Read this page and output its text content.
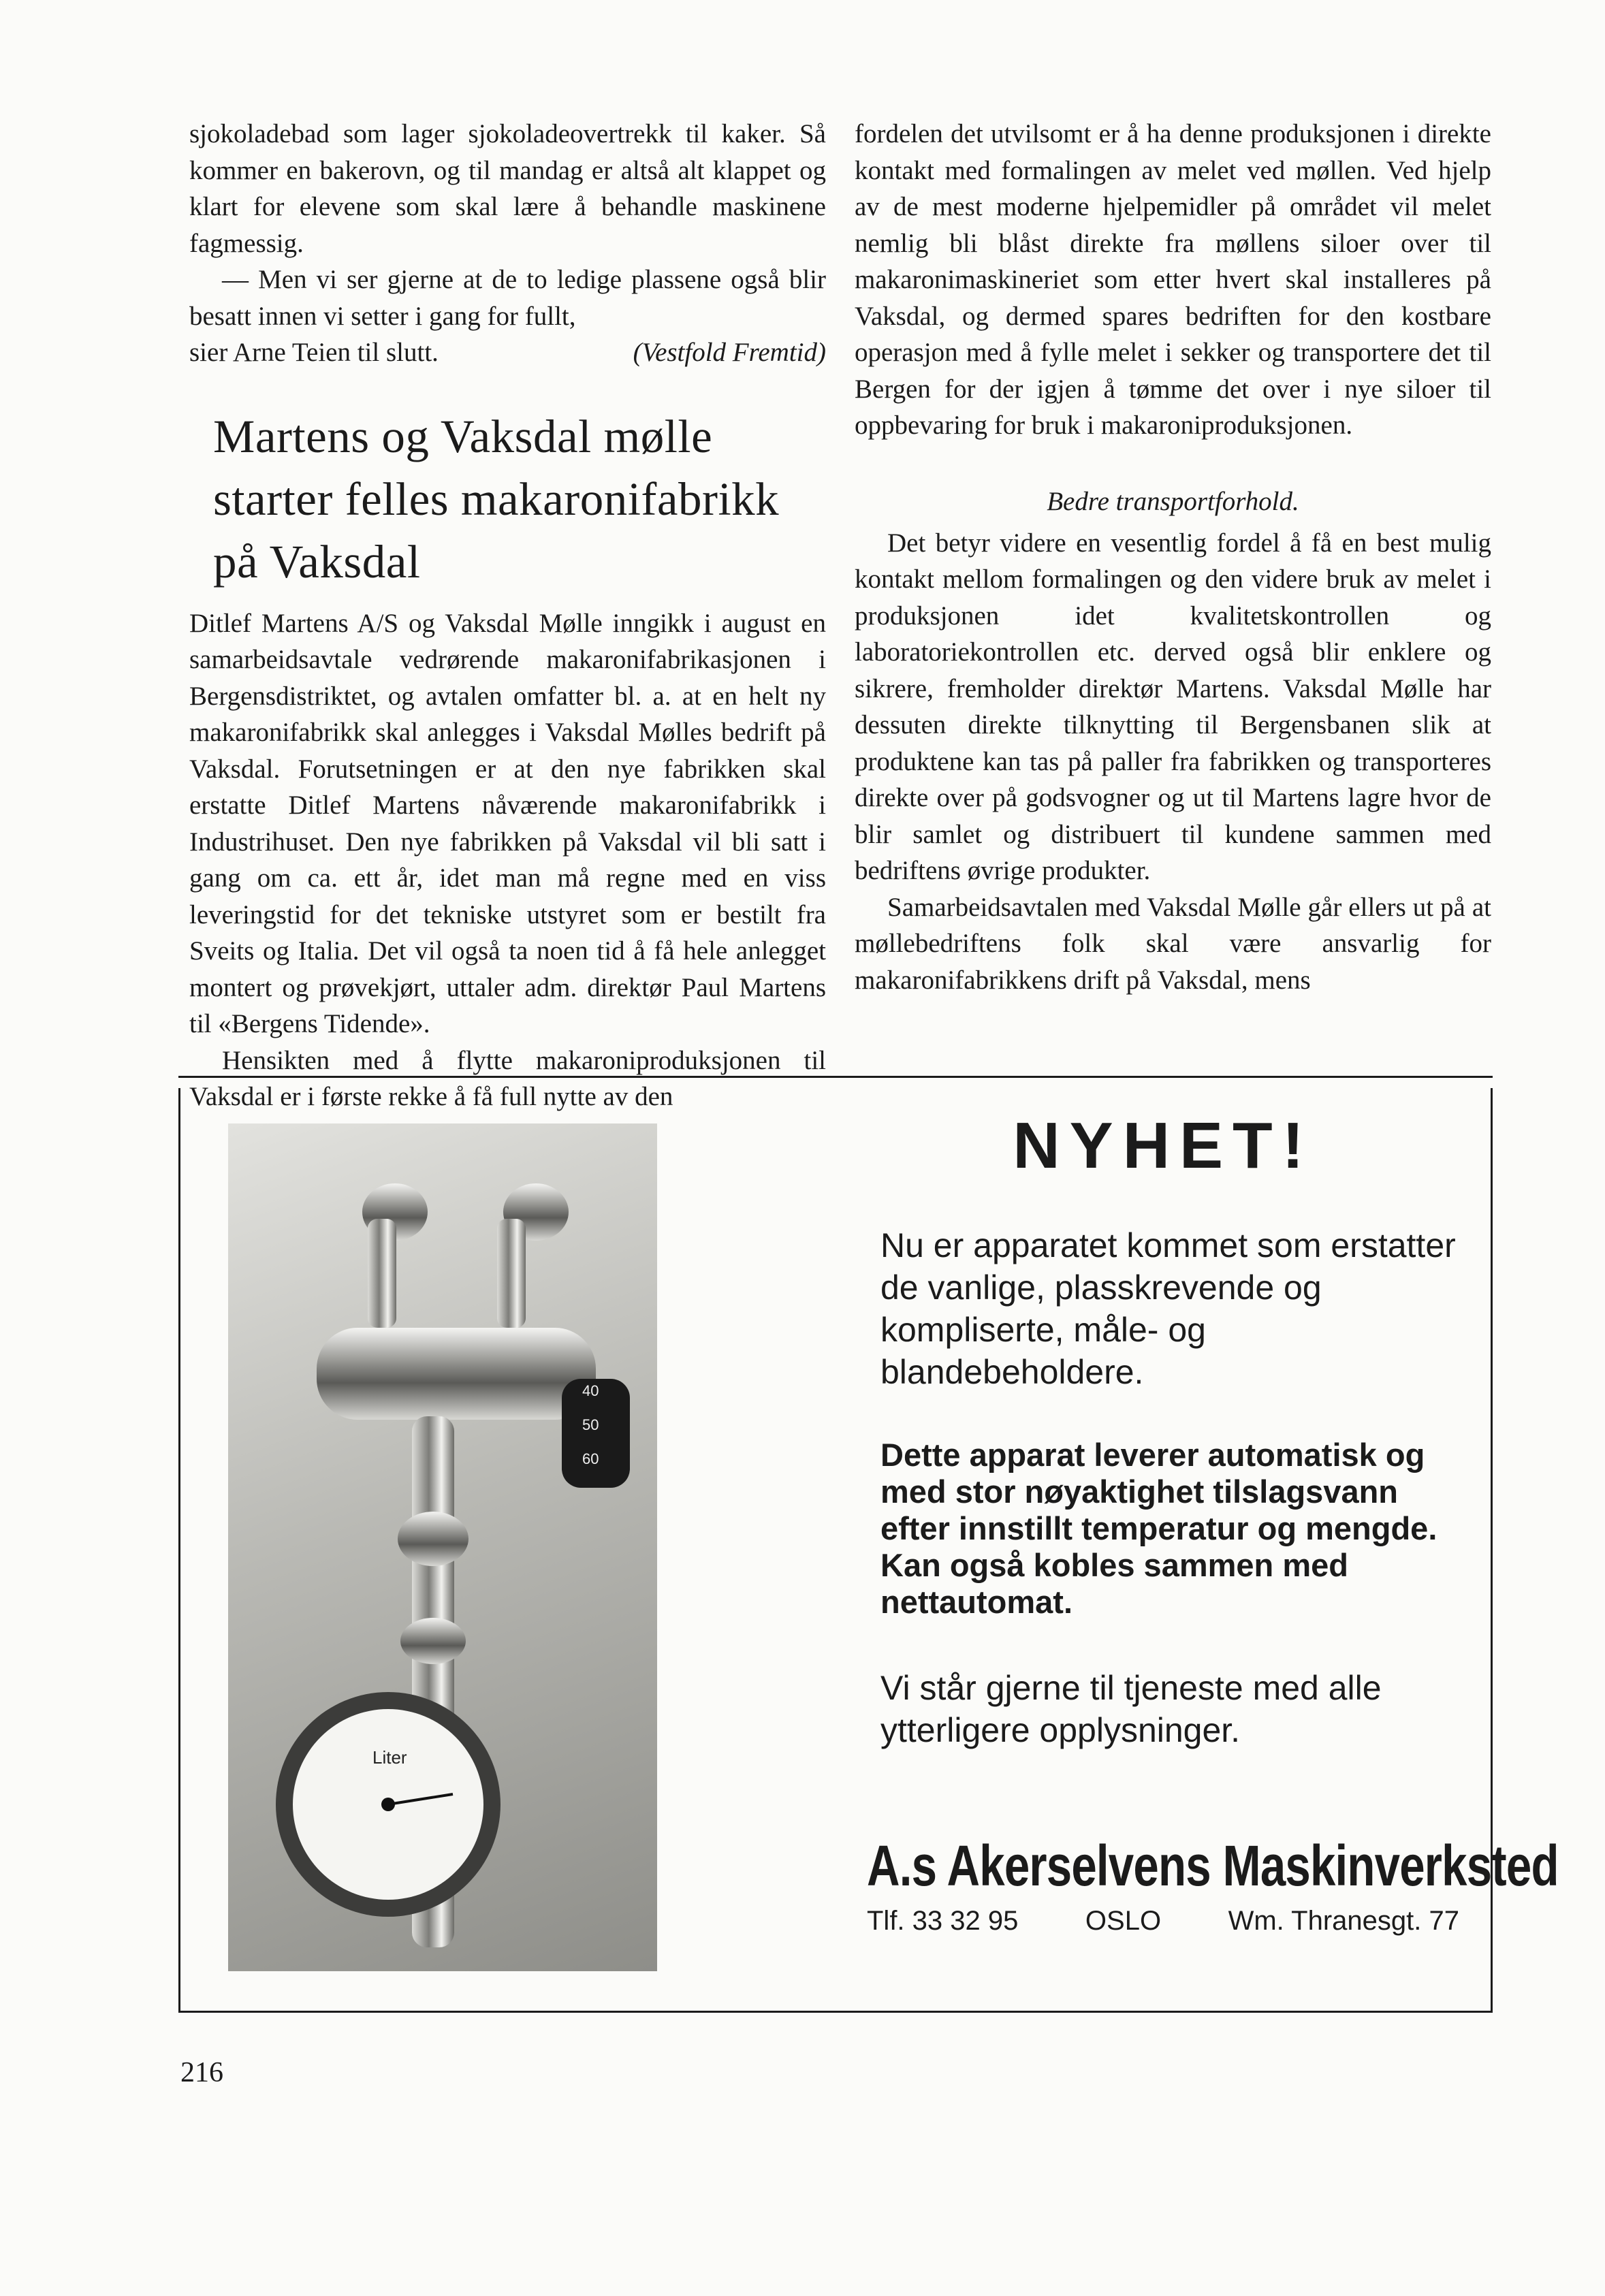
sjokoladebad som lager sjokoladeovertrekk til kaker. Så kommer en bakerovn, og til mandag er altså alt klappet og klart for elevene som skal lære å behandle maskinene fagmessig.

— Men vi ser gjerne at de to ledige plassene også blir besatt innen vi setter i gang for fullt,

sier Arne Teien til slutt.	(Vestfold Fremtid)
Martens og Vaksdal mølle starter felles makaronifabrikk på Vaksdal

Ditlef Martens A/S og Vaksdal Mølle inngikk i august en samarbeidsavtale vedrørende makaronifabrikasjonen i Bergensdistriktet, og avtalen omfatter bl. a. at en helt ny makaronifabrikk skal anlegges i Vaksdal Mølles bedrift på Vaksdal. Forutsetningen er at den nye fabrikken skal erstatte Ditlef Martens nåværende makaronifabrikk i Industrihuset. Den nye fabrikken på Vaksdal vil bli satt i gang om ca. ett år, idet man må regne med en viss leveringstid for det tekniske utstyret som er bestilt fra Sveits og Italia. Det vil også ta noen tid å få hele anlegget montert og prøvekjørt, uttaler adm. direktør Paul Martens til «Bergens Tidende».

Hensikten med å flytte makaroniproduksjonen til Vaksdal er i første rekke å få full nytte av den

fordelen det utvilsomt er å ha denne produksjonen i direkte kontakt med formalingen av melet ved møllen. Ved hjelp av de mest moderne hjelpemidler på området vil melet nemlig bli blåst direkte fra møllens siloer over til makaronimaskineriet som etter hvert skal installeres på Vaksdal, og dermed spares bedriften for den kostbare operasjon med å fylle melet i sekker og transportere det til Bergen for der igjen å tømme det over i nye siloer til oppbevaring for bruk i makaroniproduksjonen.

Bedre transportforhold.

Det betyr videre en vesentlig fordel å få en best mulig kontakt mellom formalingen og den videre bruk av melet i produksjonen idet kvalitetskontrollen og laboratoriekontrollen etc. derved også blir enklere og sikrere, fremholder direktør Martens. Vaksdal Mølle har dessuten direkte tilknytting til Bergensbanen slik at produktene kan tas på paller fra fabrikken og transporteres direkte over på godsvogner og ut til Martens lagre hvor de blir samlet og distribuert til kundene sammen med bedriftens øvrige produkter.

Samarbeidsavtalen med Vaksdal Mølle går ellers ut på at møllebedriftens folk skal være ansvarlig for makaronifabrikkens drift på Vaksdal, mens

40
50
60
Liter
NYHET!

Nu er apparatet kommet som erstatter de vanlige, plasskrevende og kompliserte, måle- og blandebeholdere.

Dette apparat leverer automatisk og med stor nøyaktighet tilslagsvann efter innstillt temperatur og mengde. Kan også kobles sammen med nettautomat.

Vi står gjerne til tjeneste med alle ytterligere opplysninger.

A.s Akerselvens Maskinverksted
Tlf. 33 32 95 OSLO Wm. Thranesgt. 77
216
